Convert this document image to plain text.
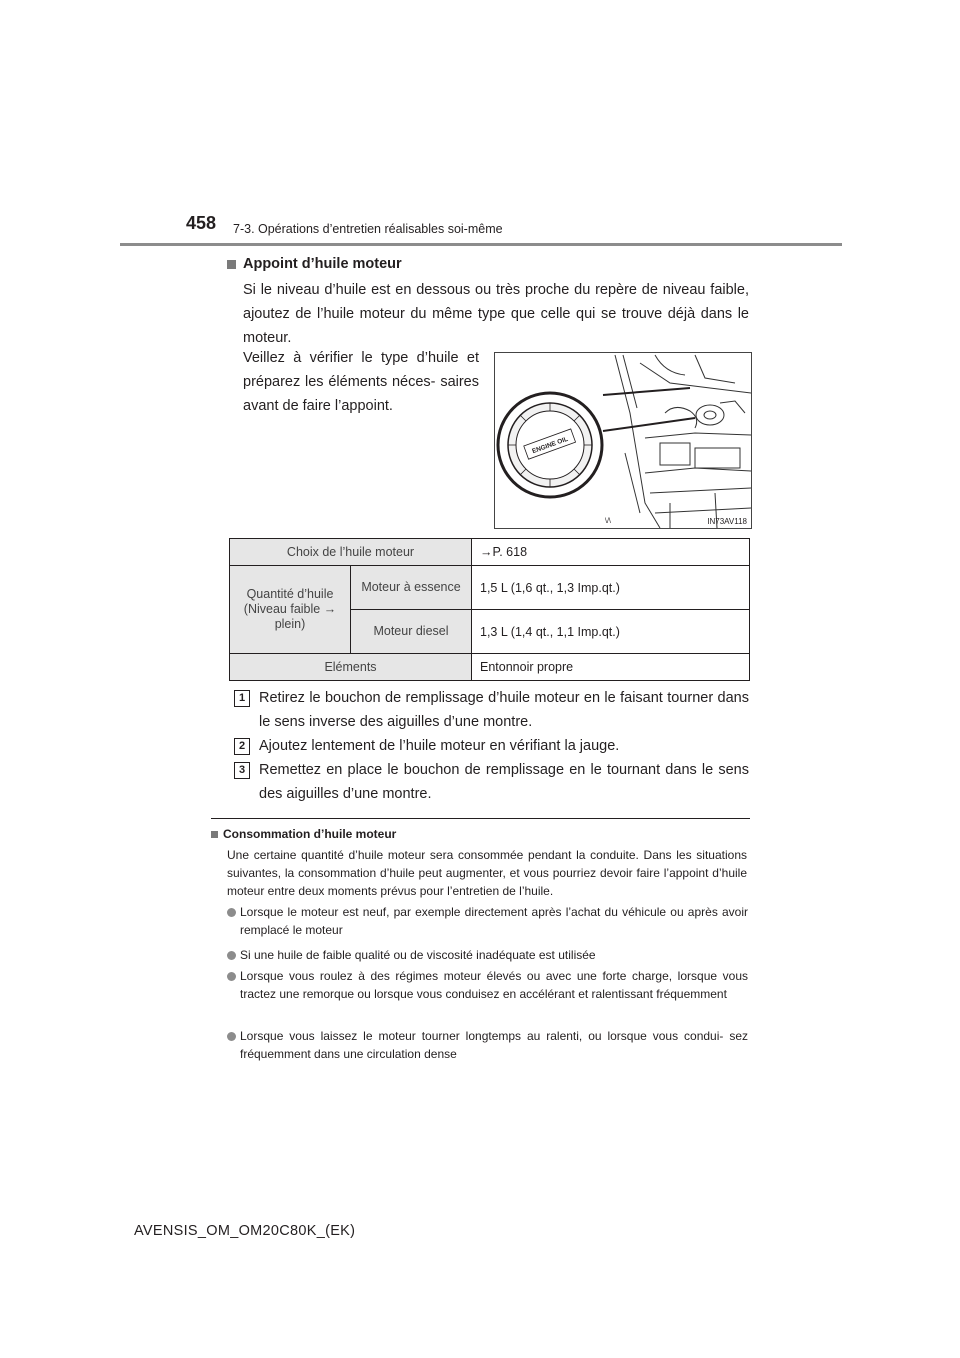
458 7-3. Opérations d’entretien réalisables soi-même
Appoint d’huile moteur
Si le niveau d’huile est en dessous ou très proche du repère de niveau faible, ajoutez de l’huile moteur du même type que celle qui se trouve déjà dans le moteur.
Veillez à vérifier le type d’huile et préparez les éléments néces- saires avant de faire l’appoint.
ENGINE OIL
\/\	IN73AV118
Choix de l’huile moteur		→P. 618
Quantité d’huile (Niveau faible → plein)	Moteur à essence	1,5 L (1,6 qt., 1,3 Imp.qt.)
	Moteur diesel	1,3 L (1,4 qt., 1,1 Imp.qt.)
Eléments		Entonnoir propre
1 Retirez le bouchon de remplissage d’huile moteur en le faisant tourner dans le sens inverse des aiguilles d’une montre.
2 Ajoutez lentement de l’huile moteur en vérifiant la jauge.
3 Remettez en place le bouchon de remplissage en le tournant dans le sens des aiguilles d’une montre.
Consommation d’huile moteur
Une certaine quantité d’huile moteur sera consommée pendant la conduite. Dans les situations suivantes, la consommation d’huile peut augmenter, et vous pourriez devoir faire l’appoint d’huile moteur entre deux moments prévus pour l’entretien de l’huile.
Lorsque le moteur est neuf, par exemple directement après l’achat du véhicule ou après avoir remplacé le moteur
Si une huile de faible qualité ou de viscosité inadéquate est utilisée
Lorsque vous roulez à des régimes moteur élevés ou avec une forte charge, lorsque vous tractez une remorque ou lorsque vous conduisez en accélérant et ralentissant fréquemment
Lorsque vous laissez le moteur tourner longtemps au ralenti, ou lorsque vous condui- sez fréquemment dans une circulation dense
AVENSIS_OM_OM20C80K_(EK)
